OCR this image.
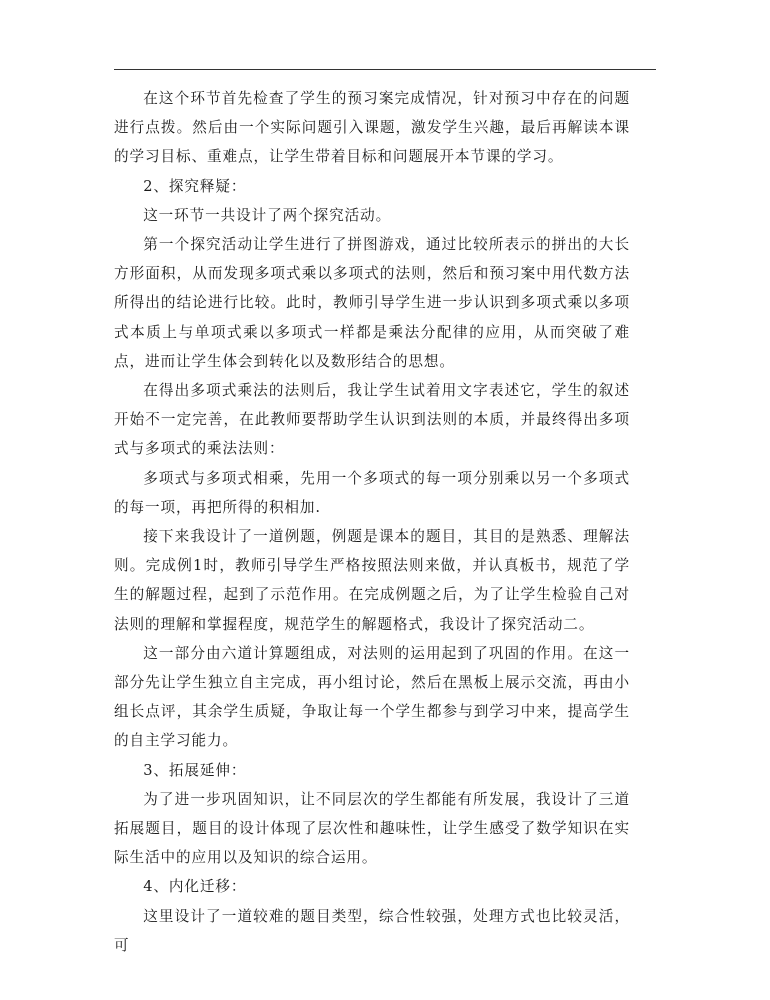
在这个环节首先检查了学生的预习案完成情况，针对预习中存在的问题进行点拨。然后由一个实际问题引入课题，激发学生兴趣，最后再解读本课的学习目标、重难点，让学生带着目标和问题展开本节课的学习。

2、探究释疑：

这一环节一共设计了两个探究活动。

第一个探究活动让学生进行了拼图游戏，通过比较所表示的拼出的大长方形面积，从而发现多项式乘以多项式的法则，然后和预习案中用代数方法所得出的结论进行比较。此时，教师引导学生进一步认识到多项式乘以多项式本质上与单项式乘以多项式一样都是乘法分配律的应用，从而突破了难点，进而让学生体会到转化以及数形结合的思想。

在得出多项式乘法的法则后，我让学生试着用文字表述它，学生的叙述开始不一定完善，在此教师要帮助学生认识到法则的本质，并最终得出多项式与多项式的乘法法则：

多项式与多项式相乘，先用一个多项式的每一项分别乘以另一个多项式的每一项，再把所得的积相加.

接下来我设计了一道例题，例题是课本的题目，其目的是熟悉、理解法则。完成例1时，教师引导学生严格按照法则来做，并认真板书，规范了学生的解题过程，起到了示范作用。在完成例题之后，为了让学生检验自己对法则的理解和掌握程度，规范学生的解题格式，我设计了探究活动二。

这一部分由六道计算题组成，对法则的运用起到了巩固的作用。在这一部分先让学生独立自主完成，再小组讨论，然后在黑板上展示交流，再由小组长点评，其余学生质疑，争取让每一个学生都参与到学习中来，提高学生的自主学习能力。

3、拓展延伸：

为了进一步巩固知识，让不同层次的学生都能有所发展，我设计了三道拓展题目，题目的设计体现了层次性和趣味性，让学生感受了数学知识在实际生活中的应用以及知识的综合运用。

4、内化迁移：

这里设计了一道较难的题目类型，综合性较强，处理方式也比较灵活，可
